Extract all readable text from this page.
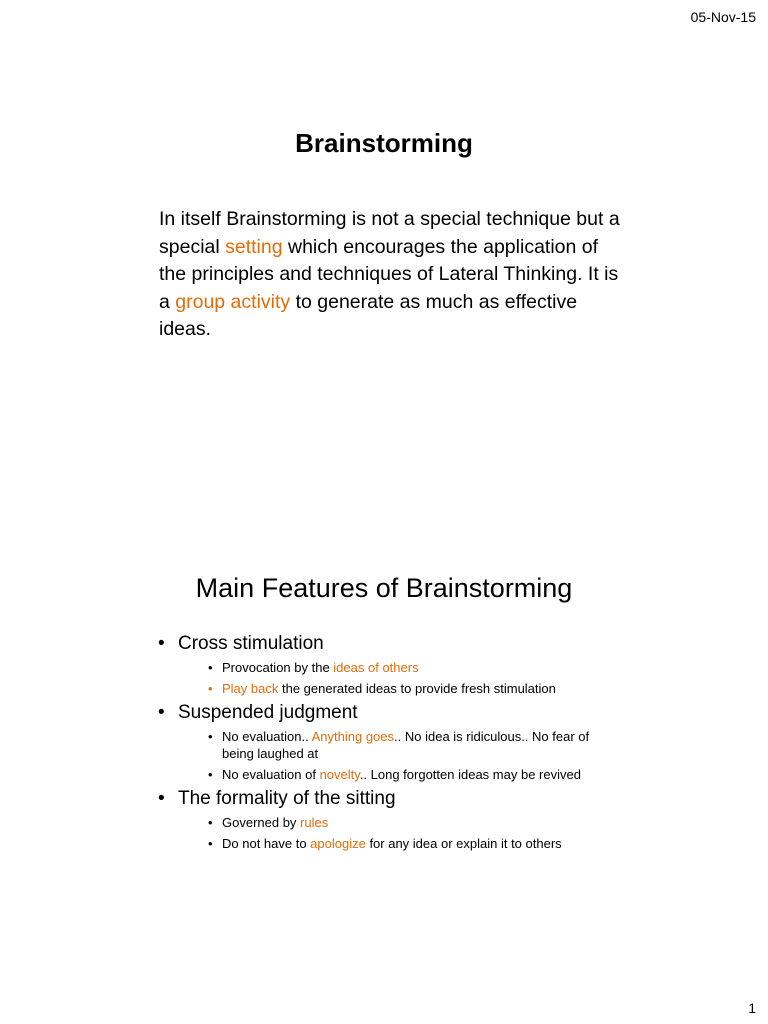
05-Nov-15
Brainstorming

In itself Brainstorming is not a special technique but a special setting which encourages the application of the principles and techniques of Lateral Thinking. It is a group activity to generate as much as effective ideas.

Main Features of Brainstorming
• Cross stimulation
• Provocation by the ideas of others
• Play back the generated ideas to provide fresh stimulation
• Suspended judgment
• No evaluation.. Anything goes.. No idea is ridiculous.. No fear of being laughed at
• No evaluation of novelty.. Long forgotten ideas may be revived
• The formality of the sitting
• Governed by rules
• Do not have to apologize for any idea or explain it to others
1
